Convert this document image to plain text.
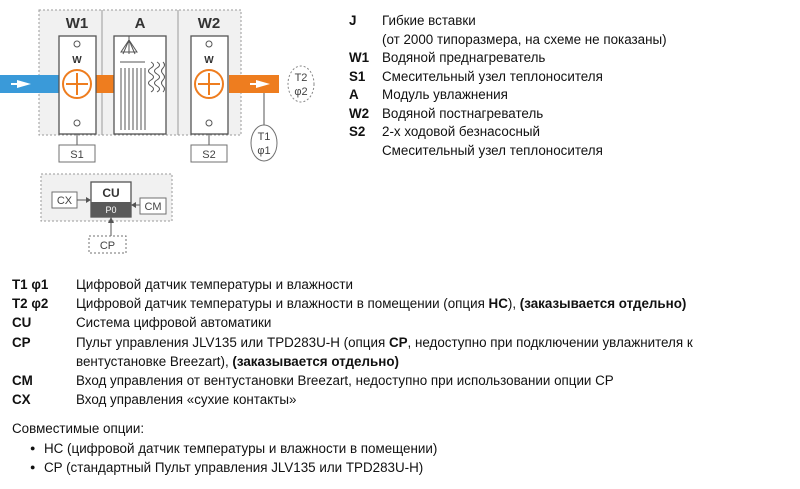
W1
W
S1
A	W2
W
S2
T2
φ2
T1
φ1
CX
CU
P0	CM
CP
J	Гибкие вставки
(от 2000 типоразмера, на схеме не показаны)
W1 Водяной преднагреватель
S1	Смесительный узел теплоносителя
A	Модуль увлажнения
W2 Водяной постнагреватель
S2	2-х ходовой безнасосный
Смесительный узел теплоносителя
T1 φ1	Цифровой датчик температуры и влажности
T2 φ2	Цифровой датчик температуры и влажности в помещении (опция НС), (заказывается отдельно)
CU	Система цифровой автоматики
CP	Пульт управления JLV135 или TPD283U-H (опция CP, недоступно при подключении увлажнителя к вентустановке Breezart), (заказывается отдельно)
CM	Вход управления от вентустановки Breezart, недоступно при использовании опции CP
CX	Вход управления «сухие контакты»
Совместимые опции:
● НС (цифровой датчик температуры и влажности в помещении)
● CP (стандартный Пульт управления JLV135 или TPD283U-H)
